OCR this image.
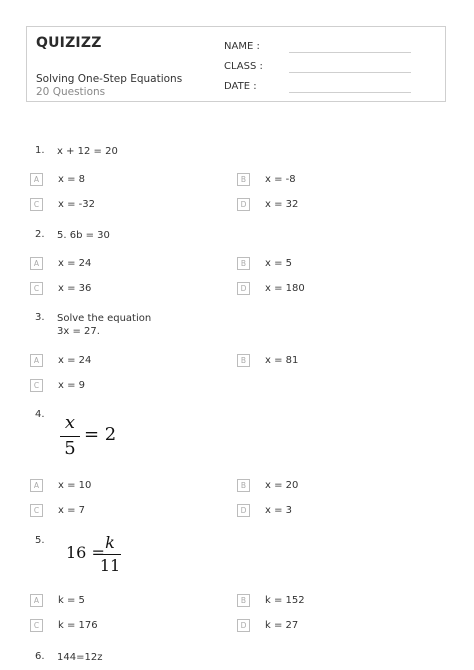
QUIZIZZ
Solving One-Step Equations
20 Questions
NAME :
CLASS :
DATE :
1. x + 12 = 20
A	x = 8	B	x = -8
C	x = -32	D	x = 32
2. 5. 6b = 30
A	x = 24	B	x = 5
C	x = 36	D	x = 180
3. Solve the equation
3x = 27.
A	x = 24	B	x = 81
C	x = 9
4. x
5
= 2
A	x = 10	B	x = 20
C	x = 7	D	x = 3
5.
16 =
k
11
A	k = 5	B	k = 152
C	k = 176	D	k = 27
6. 144=12z
